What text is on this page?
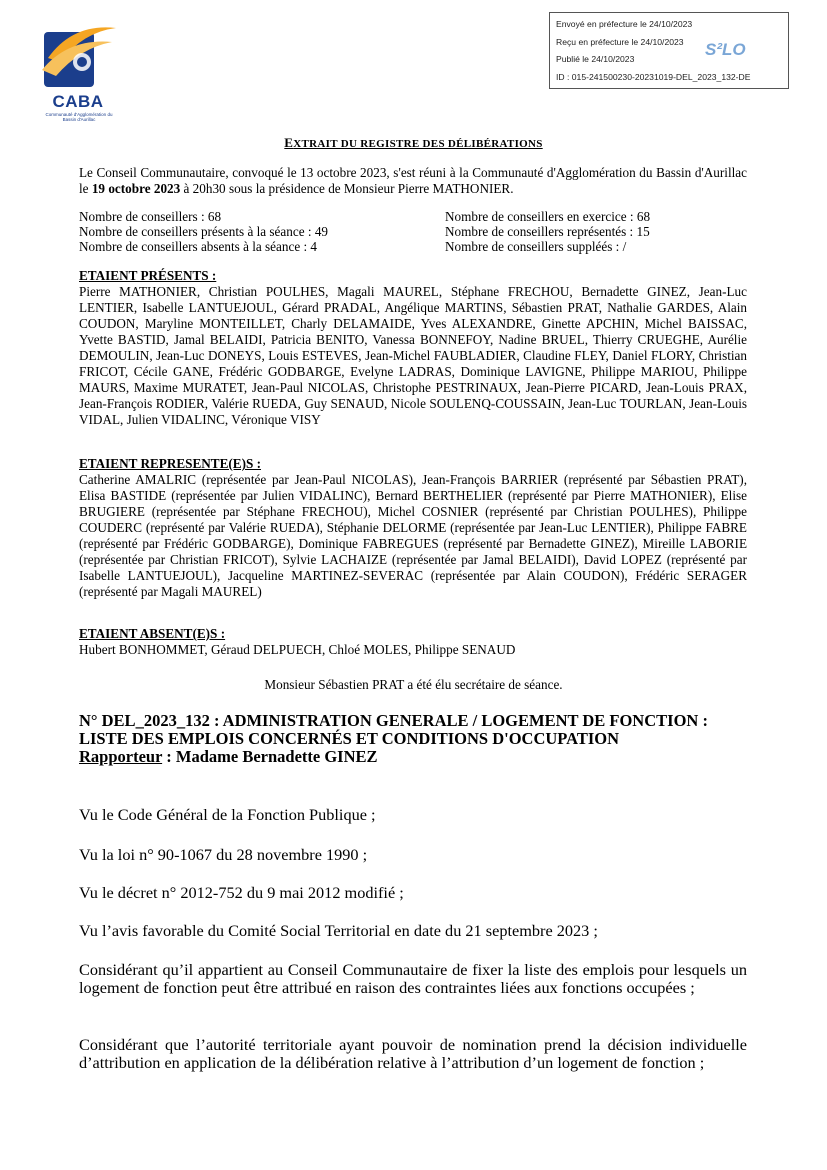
CABA
Communauté d'Agglomération du Bassin d'Aurillac
Envoyé en préfecture le 24/10/2023
Reçu en préfecture le 24/10/2023
Publié le 24/10/2023
ID : 015-241500230-20231019-DEL_2023_132-DE
S²LO
EXTRAIT DU REGISTRE DES DÉLIBÉRATIONS

Le Conseil Communautaire, convoqué le 13 octobre 2023, s'est réuni à la Communauté d'Agglomération du Bassin d'Aurillac le 19 octobre 2023 à 20h30 sous la présidence de Monsieur Pierre MATHONIER.

Nombre de conseillers : 68	Nombre de conseillers en exercice : 68
Nombre de conseillers présents à la séance : 49	Nombre de conseillers représentés : 15
Nombre de conseillers absents à la séance : 4	Nombre de conseillers suppléés : /
ETAIENT PRÉSENTS :

Pierre MATHONIER, Christian POULHES, Magali MAUREL, Stéphane FRECHOU, Bernadette GINEZ, Jean-Luc LENTIER, Isabelle LANTUEJOUL, Gérard PRADAL, Angélique MARTINS, Sébastien PRAT, Nathalie GARDES, Alain COUDON, Maryline MONTEILLET, Charly DELAMAIDE, Yves ALEXANDRE, Ginette APCHIN, Michel BAISSAC, Yvette BASTID, Jamal BELAIDI, Patricia BENITO, Vanessa BONNEFOY, Nadine BRUEL, Thierry CRUEGHE, Aurélie DEMOULIN, Jean-Luc DONEYS, Louis ESTEVES, Jean-Michel FAUBLADIER, Claudine FLEY, Daniel FLORY, Christian FRICOT, Cécile GANE, Frédéric GODBARGE, Evelyne LADRAS, Dominique LAVIGNE, Philippe MARIOU, Philippe MAURS, Maxime MURATET, Jean-Paul NICOLAS, Christophe PESTRINAUX, Jean-Pierre PICARD, Jean-Louis PRAX, Jean-François RODIER, Valérie RUEDA, Guy SENAUD, Nicole SOULENQ-COUSSAIN, Jean-Luc TOURLAN, Jean-Louis VIDAL, Julien VIDALINC, Véronique VISY

ETAIENT REPRESENTE(E)S :

Catherine AMALRIC (représentée par Jean-Paul NICOLAS), Jean-François BARRIER (représenté par Sébastien PRAT), Elisa BASTIDE (représentée par Julien VIDALINC), Bernard BERTHELIER (représenté par Pierre MATHONIER), Elise BRUGIERE (représentée par Stéphane FRECHOU), Michel COSNIER (représenté par Christian POULHES), Philippe COUDERC (représenté par Valérie RUEDA), Stéphanie DELORME (représentée par Jean-Luc LENTIER), Philippe FABRE (représenté par Frédéric GODBARGE), Dominique FABREGUES (représenté par Bernadette GINEZ), Mireille LABORIE (représentée par Christian FRICOT), Sylvie LACHAIZE (représentée par Jamal BELAIDI), David LOPEZ (représenté par Isabelle LANTUEJOUL), Jacqueline MARTINEZ-SEVERAC (représentée par Alain COUDON), Frédéric SERAGER (représenté par Magali MAUREL)

ETAIENT ABSENT(E)S :

Hubert BONHOMMET, Géraud DELPUECH, Chloé MOLES, Philippe SENAUD

Monsieur Sébastien PRAT a été élu secrétaire de séance.
N° DEL_2023_132 : ADMINISTRATION GENERALE / LOGEMENT DE FONCTION : LISTE DES EMPLOIS CONCERNÉS ET CONDITIONS D'OCCUPATION
Rapporteur : Madame Bernadette GINEZ

Vu le Code Général de la Fonction Publique ;

Vu la loi n° 90-1067 du 28 novembre 1990 ;

Vu le décret n° 2012-752 du 9 mai 2012 modifié ;

Vu l’avis favorable du Comité Social Territorial en date du 21 septembre 2023 ;

Considérant qu’il appartient au Conseil Communautaire de fixer la liste des emplois pour lesquels un logement de fonction peut être attribué en raison des contraintes liées aux fonctions occupées ;

Considérant que l’autorité territoriale ayant pouvoir de nomination prend la décision individuelle d’attribution en application de la délibération relative à l’attribution d’un logement de fonction ;
